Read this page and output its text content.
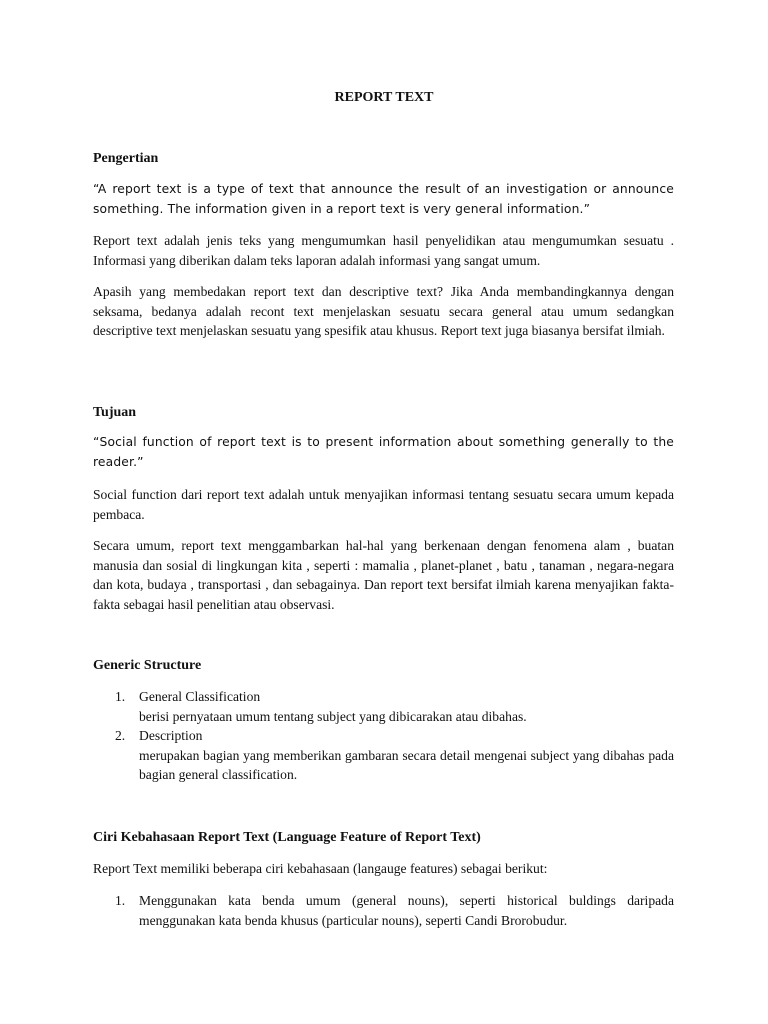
REPORT TEXT
Pengertian

“A report text is a type of text that announce the result of an investigation or announce something. The information given in a report text is very general information.”

Report text adalah jenis teks yang mengumumkan hasil penyelidikan atau mengumumkan sesuatu . Informasi yang diberikan dalam teks laporan adalah informasi yang sangat umum.

Apasih yang membedakan report text dan descriptive text? Jika Anda membandingkannya dengan seksama, bedanya adalah recont text menjelaskan sesuatu secara general atau umum sedangkan descriptive text menjelaskan sesuatu yang spesifik atau khusus. Report text juga biasanya bersifat ilmiah.

Tujuan

“Social function of report text is to present information about something generally to the reader.”

Social function dari report text adalah untuk menyajikan informasi tentang sesuatu secara umum kepada pembaca.

Secara umum, report text menggambarkan hal-hal yang berkenaan dengan fenomena alam , buatan manusia dan sosial di lingkungan kita , seperti : mamalia , planet-planet , batu , tanaman , negara-negara dan kota, budaya , transportasi , dan sebagainya. Dan report text bersifat ilmiah karena menyajikan fakta-fakta sebagai hasil penelitian atau observasi.

Generic Structure
1.	General Classification
berisi pernyataan umum tentang subject yang dibicarakan atau dibahas.
2.	Description
merupakan bagian yang memberikan gambaran secara detail mengenai subject yang dibahas pada bagian general classification.
Ciri Kebahasaan Report Text (Language Feature of Report Text)

Report Text memiliki beberapa ciri kebahasaan (langauge features) sebagai berikut:

1.	Menggunakan kata benda umum (general nouns), seperti historical buldings daripada menggunakan kata benda khusus (particular nouns), seperti Candi Brorobudur.
